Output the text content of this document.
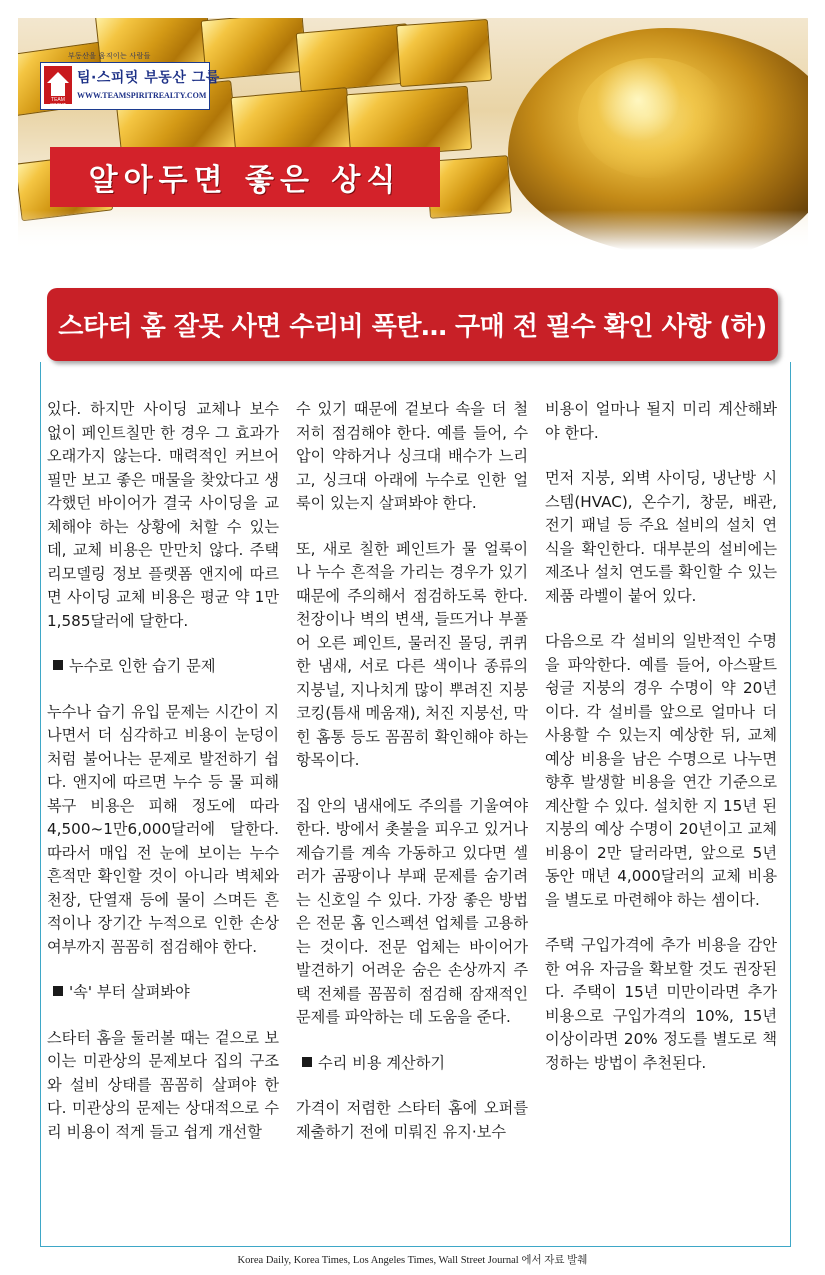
TEAM SPIRIT
팀·스피릿 부동산 그룹
WWW.TEAMSPIRITREALTY.COM
부동산을 움직이는 사람들
알아두면 좋은 상식
스타터 홈 잘못 사면 수리비 폭탄… 구매 전 필수 확인 사항 (하)

있다. 하지만 사이딩 교체나 보수 없이 페인트칠만 한 경우 그 효과가 오래가지 않는다. 매력적인 커브어필만 보고 좋은 매물을 찾았다고 생각했던 바이어가 결국 사이딩을 교체해야 하는 상황에 처할 수 있는데, 교체 비용은 만만치 않다. 주택 리모델링 정보 플랫폼 앤지에 따르면 사이딩 교체 비용은 평균 약 1만1,585달러에 달한다.

누수로 인한 습기 문제

누수나 습기 유입 문제는 시간이 지나면서 더 심각하고 비용이 눈덩이처럼 불어나는 문제로 발전하기 쉽다. 앤지에 따르면 누수 등 물 피해 복구 비용은 피해 정도에 따라 4,500~1만6,000달러에 달한다. 따라서 매입 전 눈에 보이는 누수 흔적만 확인할 것이 아니라 벽체와 천장, 단열재 등에 물이 스며든 흔적이나 장기간 누적으로 인한 손상 여부까지 꼼꼼히 점검해야 한다.

'속' 부터 살펴봐야

스타터 홈을 둘러볼 때는 겉으로 보이는 미관상의 문제보다 집의 구조와 설비 상태를 꼼꼼히 살펴야 한다. 미관상의 문제는 상대적으로 수리 비용이 적게 들고 쉽게 개선할

수 있기 때문에 겉보다 속을 더 철저히 점검해야 한다. 예를 들어, 수압이 약하거나 싱크대 배수가 느리고, 싱크대 아래에 누수로 인한 얼룩이 있는지 살펴봐야 한다.

또, 새로 칠한 페인트가 물 얼룩이나 누수 흔적을 가리는 경우가 있기 때문에 주의해서 점검하도록 한다. 천장이나 벽의 변색, 들뜨거나 부풀어 오른 페인트, 물러진 몰딩, 퀴퀴한 냄새, 서로 다른 색이나 종류의 지붕널, 지나치게 많이 뿌려진 지붕 코킹(틈새 메움재), 처진 지붕선, 막힌 홈통 등도 꼼꼼히 확인해야 하는 항목이다.

집 안의 냄새에도 주의를 기울여야 한다. 방에서 촛불을 피우고 있거나 제습기를 계속 가동하고 있다면 셀러가 곰팡이나 부패 문제를 숨기려는 신호일 수 있다. 가장 좋은 방법은 전문 홈 인스펙션 업체를 고용하는 것이다. 전문 업체는 바이어가 발견하기 어려운 숨은 손상까지 주택 전체를 꼼꼼히 점검해 잠재적인 문제를 파악하는 데 도움을 준다.

수리 비용 계산하기

가격이 저렴한 스타터 홈에 오퍼를 제출하기 전에 미뤄진 유지·보수

비용이 얼마나 될지 미리 계산해봐야 한다.

먼저 지붕, 외벽 사이딩, 냉난방 시스템(HVAC), 온수기, 창문, 배관, 전기 패널 등 주요 설비의 설치 연식을 확인한다. 대부분의 설비에는 제조나 설치 연도를 확인할 수 있는 제품 라벨이 붙어 있다.

다음으로 각 설비의 일반적인 수명을 파악한다. 예를 들어, 아스팔트 슁글 지붕의 경우 수명이 약 20년이다. 각 설비를 앞으로 얼마나 더 사용할 수 있는지 예상한 뒤, 교체 예상 비용을 남은 수명으로 나누면 향후 발생할 비용을 연간 기준으로 계산할 수 있다. 설치한 지 15년 된 지붕의 예상 수명이 20년이고 교체 비용이 2만 달러라면, 앞으로 5년 동안 매년 4,000달러의 교체 비용을 별도로 마련해야 하는 셈이다.

주택 구입가격에 추가 비용을 감안한 여유 자금을 확보할 것도 권장된다. 주택이 15년 미만이라면 추가 비용으로 구입가격의 10%, 15년 이상이라면 20% 정도를 별도로 책정하는 방법이 추천된다.

Korea Daily, Korea Times, Los Angeles Times, Wall Street Journal 에서 자료 발췌
